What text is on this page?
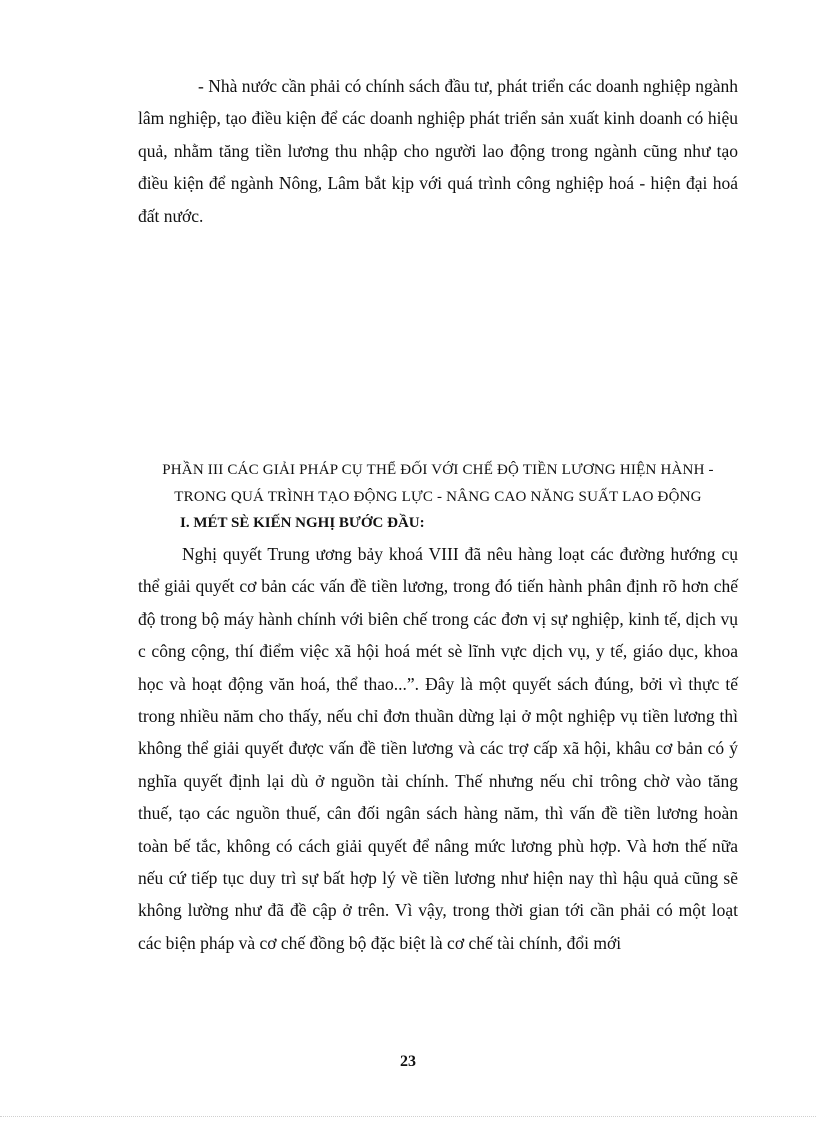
- Nhà nước cần phải có chính sách đầu tư, phát triển các doanh nghiệp ngành lâm nghiệp, tạo điều kiện để các doanh nghiệp phát triển sản xuất kinh doanh có hiệu quả, nhằm tăng tiền lương thu nhập cho người lao động trong ngành cũng như tạo điều kiện để ngành Nông, Lâm bắt kịp với quá trình công nghiệp hoá - hiện đại hoá đất nước.

PHẦN III CÁC GIẢI PHÁP CỤ THỂ ĐỐI VỚI CHẾ ĐỘ TIỀN LƯƠNG HIỆN HÀNH -
TRONG QUÁ TRÌNH TẠO ĐỘNG LỰC - NÂNG CAO NĂNG SUẤT LAO ĐỘNG
I. MÉT SÈ KIẾN NGHỊ BƯỚC ĐẦU:

Nghị quyết Trung ương bảy khoá VIII đã nêu hàng loạt các đường hướng cụ thể giải quyết cơ bản các vấn đề tiền lương, trong đó tiến hành phân định rõ hơn chế độ trong bộ máy hành chính với biên chế trong các đơn vị sự nghiệp, kinh tế, dịch vụ c công cộng, thí điểm việc xã hội hoá mét sè lĩnh vực dịch vụ, y tế, giáo dục, khoa học và hoạt động văn hoá, thể thao...”. Đây là một quyết sách đúng, bởi vì thực tế trong nhiều năm cho thấy, nếu chỉ đơn thuần dừng lại ở một nghiệp vụ tiền lương thì không thể giải quyết được vấn đề tiền lương và các trợ cấp xã hội, khâu cơ bản có ý nghĩa quyết định lại dù ở nguồn tài chính. Thế nhưng nếu chỉ trông chờ vào tăng thuế, tạo các nguồn thuế, cân đối ngân sách hàng năm, thì vấn đề tiền lương hoàn toàn bế tắc, không có cách giải quyết để nâng mức lương phù hợp. Và hơn thế nữa nếu cứ tiếp tục duy trì sự bất hợp lý về tiền lương như hiện nay thì hậu quả cũng sẽ không lường như đã đề cập ở trên. Vì vậy, trong thời gian tới cần phải có một loạt các biện pháp và cơ chế đồng bộ đặc biệt là cơ chế tài chính, đổi mới

23
